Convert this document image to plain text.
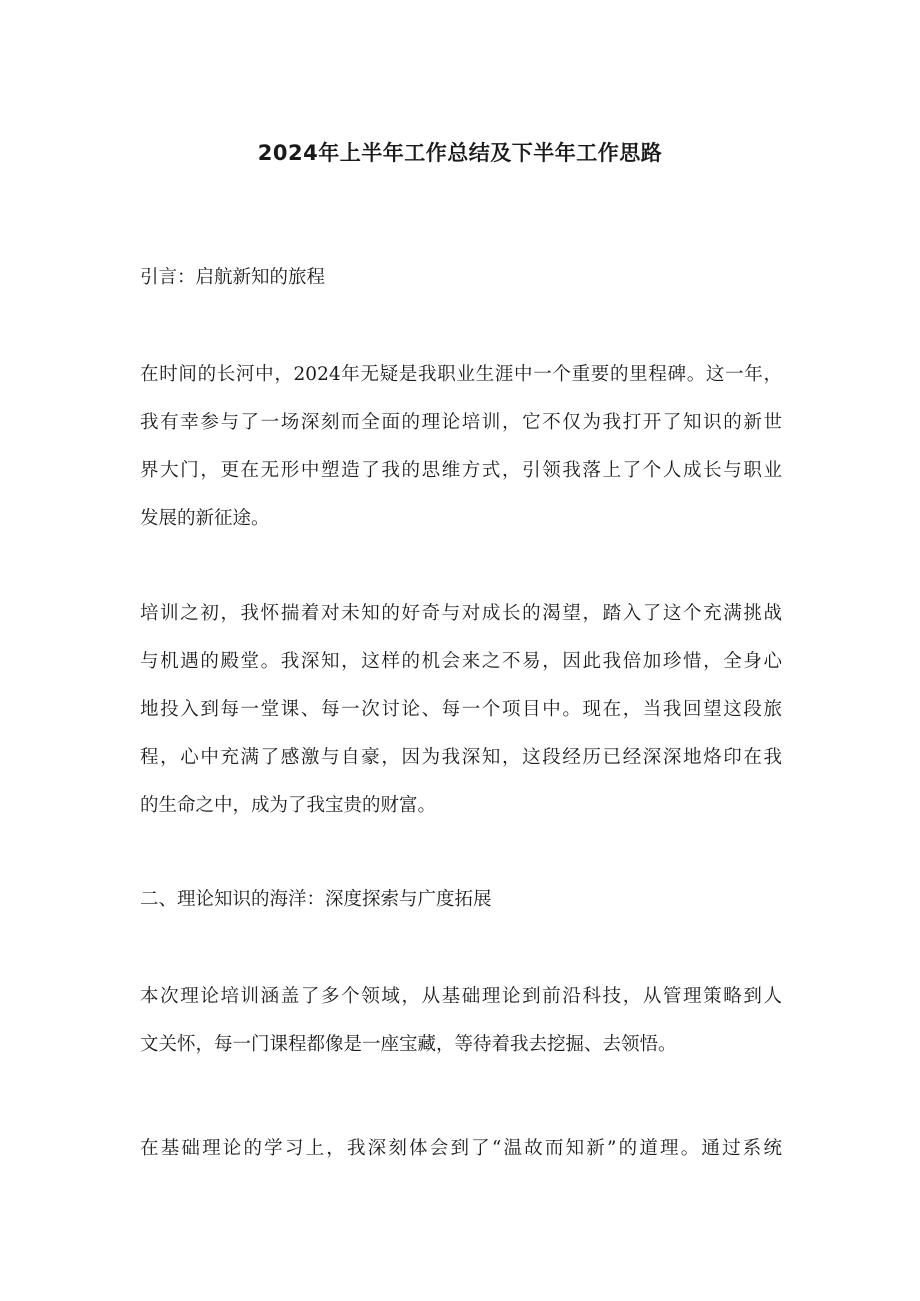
2024年上半年工作总结及下半年工作思路
引言：启航新知的旅程
在时间的长河中，2024年无疑是我职业生涯中一个重要的里程碑。这一年，
我有幸参与了一场深刻而全面的理论培训，它不仅为我打开了知识的新世
界大门，更在无形中塑造了我的思维方式，引领我落上了个人成长与职业
发展的新征途。
培训之初，我怀揣着对未知的好奇与对成长的渴望，踏入了这个充满挑战
与机遇的殿堂。我深知，这样的机会来之不易，因此我倍加珍惜，全身心
地投入到每一堂课、每一次讨论、每一个项目中。现在，当我回望这段旅
程，心中充满了感激与自豪，因为我深知，这段经历已经深深地烙印在我
的生命之中，成为了我宝贵的财富。
二、理论知识的海洋：深度探索与广度拓展
本次理论培训涵盖了多个领域，从基础理论到前沿科技，从管理策略到人
文关怀，每一门课程都像是一座宝藏，等待着我去挖掘、去领悟。
在基础理论的学习上，我深刻体会到了“温故而知新”的道理。通过系统
